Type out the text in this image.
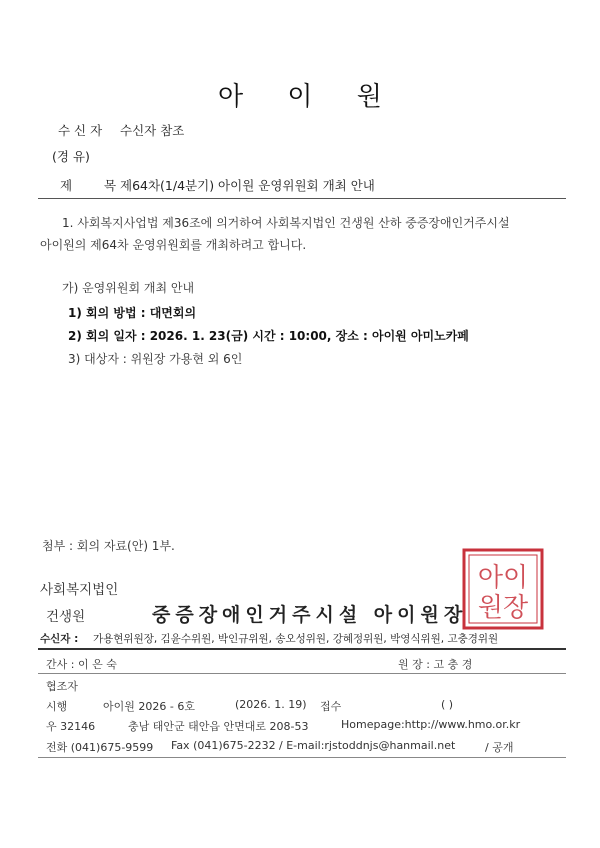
아 이 원
수 신 자 수신자 참조
(경 유)
제 목
제64차(1/4분기) 아이원 운영위원회 개최 안내
1. 사회복지사업법 제36조에 의거하여 사회복지법인 건생원 산하 중증장애인거주시설
아이원의 제64차 운영위원회를 개최하려고 합니다.
가) 운영위원회 개최 안내
1) 회의 방법 : 대면회의
2) 회의 일자 : 2026. 1. 23(금) 시간 : 10:00, 장소 : 아이원 아미노카페
3) 대상자 : 위원장 가용현 외 6인
첨부 : 회의 자료(안) 1부.
사회복지법인
건생원	중증장애인거주시설 아이원장
아이
원장
수신자 : 가용현위원장, 김윤수위원, 박인규위원, 송오성위원, 강혜정위원, 박영식위원, 고충경위원
간사 : 이 은 숙	원 장 : 고 충 경
협조자
시행	아이원 2026 - 6호	(2026. 1. 19) 접수	( )
우 32146	충남 태안군 태안읍 안면대로 208-53	Homepage:http://www.hmo.or.kr
전화 (041)675-9599 Fax (041)675-2232 / E-mail:rjstoddnjs@hanmail.net	/ 공개
